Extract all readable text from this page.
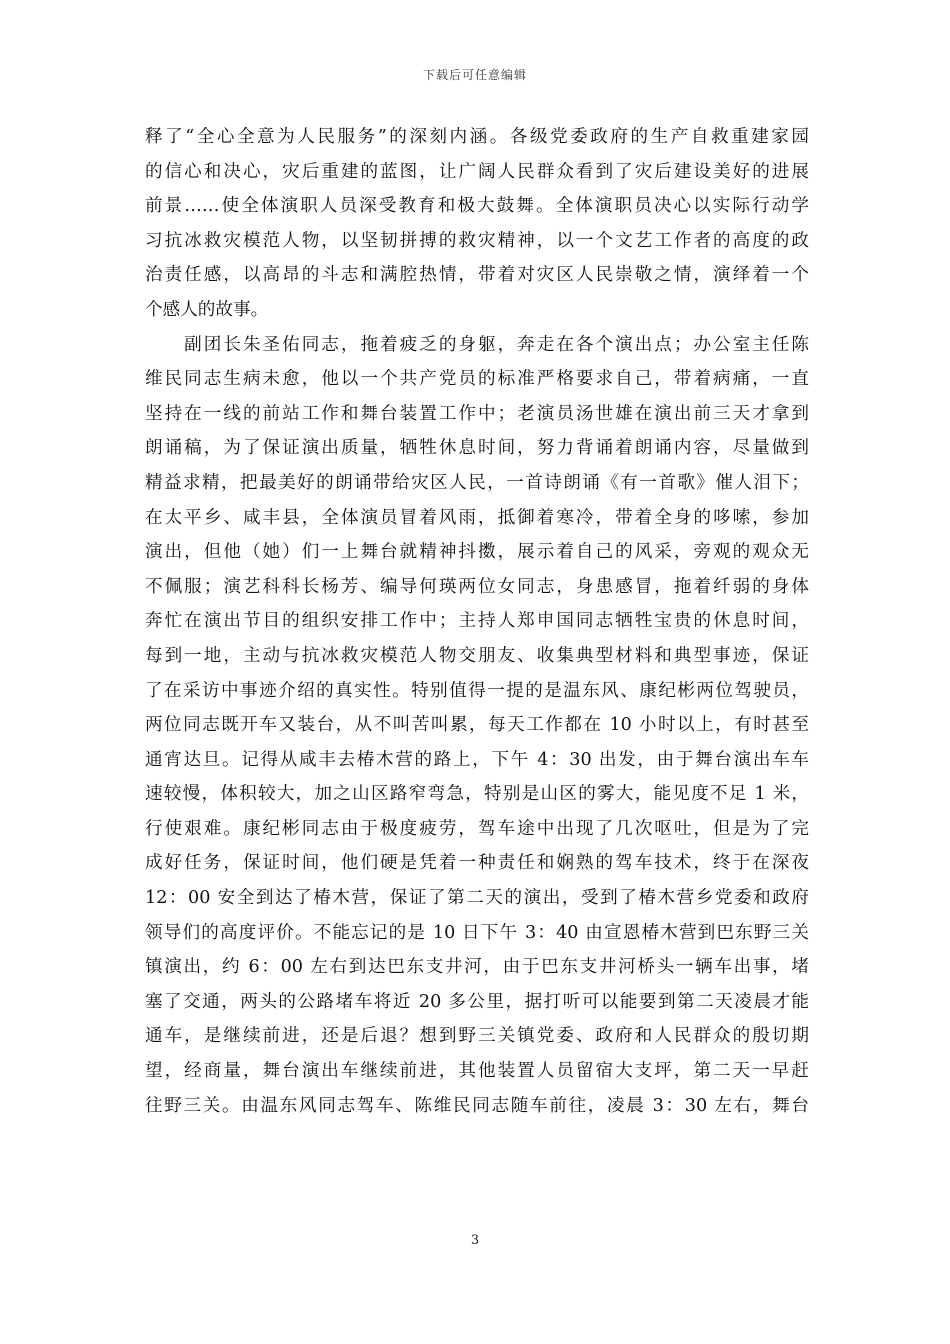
下载后可任意编辑
释了“全心全意为人民服务”的深刻内涵。各级党委政府的生产自救重建家园
的信心和决心，灾后重建的蓝图，让广阔人民群众看到了灾后建设美好的进展
前景……使全体演职人员深受教育和极大鼓舞。全体演职员决心以实际行动学
习抗冰救灾模范人物，以坚韧拼搏的救灾精神，以一个文艺工作者的高度的政
治责任感，以高昂的斗志和满腔热情，带着对灾区人民崇敬之情，演绎着一个
个感人的故事。
　　副团长朱圣佑同志，拖着疲乏的身躯，奔走在各个演出点；办公室主任陈
维民同志生病未愈，他以一个共产党员的标准严格要求自己，带着病痛，一直
坚持在一线的前站工作和舞台装置工作中；老演员汤世雄在演出前三天才拿到
朗诵稿，为了保证演出质量，牺牲休息时间，努力背诵着朗诵内容，尽量做到
精益求精，把最美好的朗诵带给灾区人民，一首诗朗诵《有一首歌》催人泪下；
在太平乡、咸丰县，全体演员冒着风雨，抵御着寒冷，带着全身的哆嗦，参加
演出，但他（她）们一上舞台就精神抖擞，展示着自己的风采，旁观的观众无
不佩服；演艺科科长杨芳、编导何瑛两位女同志，身患感冒，拖着纤弱的身体
奔忙在演出节目的组织安排工作中；主持人郑申国同志牺牲宝贵的休息时间，
每到一地，主动与抗冰救灾模范人物交朋友、收集典型材料和典型事迹，保证
了在采访中事迹介绍的真实性。特别值得一提的是温东风、康纪彬两位驾驶员，
两位同志既开车又装台，从不叫苦叫累，每天工作都在 10 小时以上，有时甚至
通宵达旦。记得从咸丰去椿木营的路上，下午 4：30 出发，由于舞台演出车车
速较慢，体积较大，加之山区路窄弯急，特别是山区的雾大，能见度不足 1 米，
行使艰难。康纪彬同志由于极度疲劳，驾车途中出现了几次呕吐，但是为了完
成好任务，保证时间，他们硬是凭着一种责任和娴熟的驾车技术，终于在深夜
12：00 安全到达了椿木营，保证了第二天的演出，受到了椿木营乡党委和政府
领导们的高度评价。不能忘记的是 10 日下午 3：40 由宣恩椿木营到巴东野三关
镇演出，约 6：00 左右到达巴东支井河，由于巴东支井河桥头一辆车出事，堵
塞了交通，两头的公路堵车将近 20 多公里，据打听可以能要到第二天凌晨才能
通车，是继续前进，还是后退？想到野三关镇党委、政府和人民群众的殷切期
望，经商量，舞台演出车继续前进，其他装置人员留宿大支坪，第二天一早赶
往野三关。由温东风同志驾车、陈维民同志随车前往，凌晨 3：30 左右，舞台
3
